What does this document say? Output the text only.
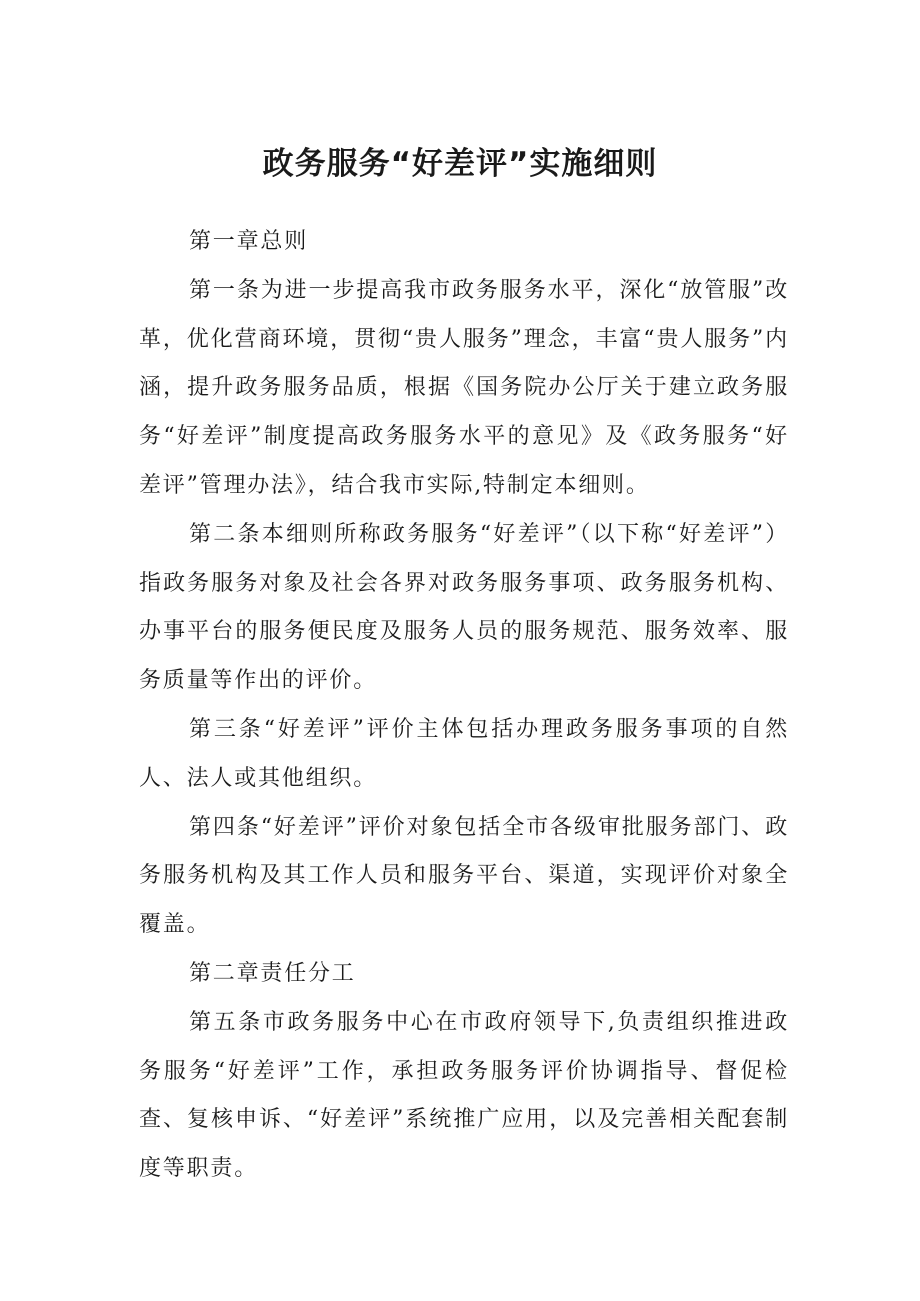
政务服务“好差评”实施细则

第一章总则

第一条为进一步提高我市政务服务水平，深化“放管服”改革，优化营商环境，贯彻“贵人服务”理念，丰富“贵人服务”内涵，提升政务服务品质，根据《国务院办公厅关于建立政务服务“好差评”制度提高政务服务水平的意见》及《政务服务“好差评”管理办法》，结合我市实际,特制定本细则。

第二条本细则所称政务服务“好差评”（以下称“好差评”）指政务服务对象及社会各界对政务服务事项、政务服务机构、办事平台的服务便民度及服务人员的服务规范、服务效率、服务质量等作出的评价。

第三条“好差评”评价主体包括办理政务服务事项的自然人、法人或其他组织。

第四条“好差评”评价对象包括全市各级审批服务部门、政务服务机构及其工作人员和服务平台、渠道，实现评价对象全覆盖。

第二章责任分工

第五条市政务服务中心在市政府领导下,负责组织推进政务服务“好差评”工作，承担政务服务评价协调指导、督促检查、复核申诉、“好差评”系统推广应用，以及完善相关配套制度等职责。
